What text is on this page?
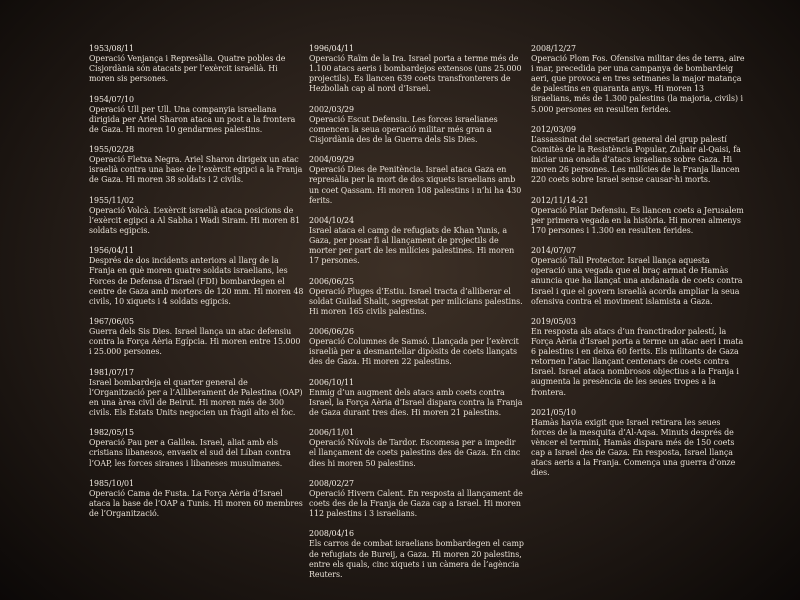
1953/08/11
Operació Venjança i Represàlia. Quatre pobles de Cisjordània són atacats per l’exèrcit israelià. Hi moren sis persones.
1954/07/10
Operació Ull per Ull. Una companyia israeliana dirigida per Ariel Sharon ataca un post a la frontera de Gaza. Hi moren 10 gendarmes palestins.
1955/02/28
Operació Fletxa Negra. Ariel Sharon dirigeix un atac israelià contra una base de l’exèrcit egipci a la Franja de Gaza. Hi moren 38 soldats i 2 civils.
1955/11/02
Operació Volcà. L’exèrcit israelià ataca posicions de l’exèrcit egipci a Al Sabha i Wadi Siram. Hi moren 81 soldats egipcis.
1956/04/11
Després de dos incidents anteriors al llarg de la Franja en què moren quatre soldats israelians, les Forces de Defensa d’Israel (FDI) bombardegen el centre de Gaza amb morters de 120 mm. Hi moren 48 civils, 10 xiquets i 4 soldats egipcis.
1967/06/05
Guerra dels Sis Dies. Israel llança un atac defensiu contra la Força Aèria Egípcia. Hi moren entre 15.000 i 25.000 persones.
1981/07/17
Israel bombardeja el quarter general de l’Organització per a l’Alliberament de Palestina (OAP) en una àrea civil de Beirut. Hi moren més de 300 civils. Els Estats Units negocien un fràgil alto el foc.
1982/05/15
Operació Pau per a Galilea. Israel, aliat amb els cristians libanesos, envaeix el sud del Líban contra l’OAP, les forces siranes i libaneses musulmanes.
1985/10/01
Operació Cama de Fusta. La Força Aèria d’Israel ataca la base de l’OAP a Tunis. Hi moren 60 membres de l’Organització.
1996/04/11
Operació Raïm de la Ira. Israel porta a terme més de 1.100 atacs aeris i bombardejos extensos (uns 25.000 projectils). Es llancen 639 coets transfronterers de Hezbollah cap al nord d’Israel.
2002/03/29
Operació Escut Defensiu. Les forces israelianes comencen la seua operació militar més gran a Cisjordània des de la Guerra dels Sis Dies.
2004/09/29
Operació Dies de Penitència. Israel ataca Gaza en represàlia per la mort de dos xiquets israelians amb un coet Qassam. Hi moren 108 palestins i n’hi ha 430 ferits.
2004/10/24
Israel ataca el camp de refugiats de Khan Yunis, a Gaza, per posar fi al llançament de projectils de morter per part de les milícies palestines. Hi moren 17 persones.
2006/06/25
Operació Pluges d’Estiu. Israel tracta d’alliberar el soldat Guilad Shalit, segrestat per milicians palestins. Hi moren 165 civils palestins.
2006/06/26
Operació Columnes de Samsó. Llançada per l’exèrcit israelià per a desmantellar dipòsits de coets llançats des de Gaza. Hi moren 22 palestins.
2006/10/11
Enmig d’un augment dels atacs amb coets contra Israel, la Força Aèria d’Israel dispara contra la Franja de Gaza durant tres dies. Hi moren 21 palestins.
2006/11/01
Operació Núvols de Tardor. Escomesa per a impedir el llançament de coets palestins des de Gaza. En cinc dies hi moren 50 palestins.
2008/02/27
Operació Hivern Calent. En resposta al llançament de coets des de la Franja de Gaza cap a Israel. Hi moren 112 palestins i 3 israelians.
2008/04/16
Els carros de combat israelians bombardegen el camp de refugiats de Bureij, a Gaza. Hi moren 20 palestins, entre els quals, cinc xiquets i un càmera de l’agència Reuters.
2008/12/27
Operació Plom Fos. Ofensiva militar des de terra, aire i mar, precedida per una campanya de bombardeig aeri, que provoca en tres setmanes la major matança de palestins en quaranta anys. Hi moren 13 israelians, més de 1.300 palestins (la majoria, civils) i 5.000 persones en resulten ferides.
2012/03/09
L’assassinat del secretari general del grup palestí Comitès de la Resistència Popular, Zuhair al-Qaisi, fa iniciar una onada d’atacs israelians sobre Gaza. Hi moren 26 persones. Les milícies de la Franja llancen 220 coets sobre Israel sense causar-hi morts.
2012/11/14-21
Operació Pilar Defensiu. Es llancen coets a Jerusalem per primera vegada en la història. Hi moren almenys 170 persones i 1.300 en resulten ferides.
2014/07/07
Operació Tall Protector. Israel llança aquesta operació una vegada que el braç armat de Hamàs anuncia que ha llançat una andanada de coets contra Israel i que el govern israelià acorda ampliar la seua ofensiva contra el moviment islamista a Gaza.
2019/05/03
En resposta als atacs d’un franctirador palestí, la Força Aèria d’Israel porta a terme un atac aeri i mata 6 palestins i en deixa 60 ferits. Els militants de Gaza retornen l’atac llançant centenars de coets contra Israel. Israel ataca nombrosos objectius a la Franja i augmenta la presència de les seues tropes a la frontera.
2021/05/10
Hamàs havia exigit que Israel retirara les seues forces de la mesquita d’Al-Aqsa. Minuts després de vèncer el termini, Hamàs dispara més de 150 coets cap a Israel des de Gaza. En resposta, Israel llança atacs aeris a la Franja. Comença una guerra d’onze dies.
